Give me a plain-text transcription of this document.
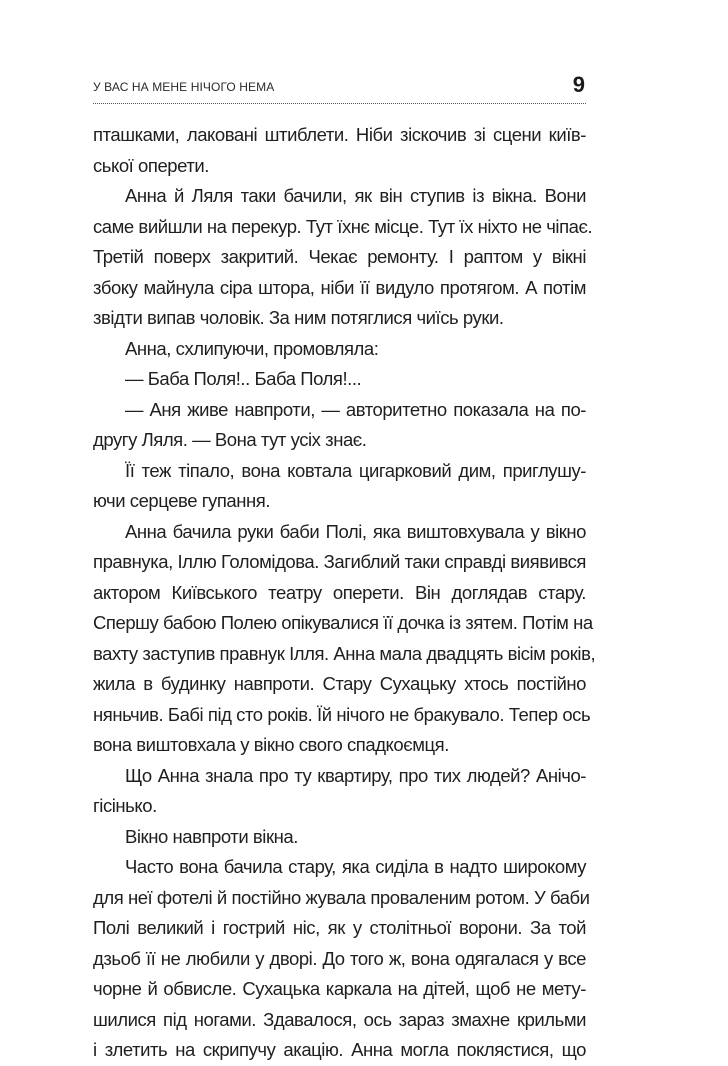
У ВАС НА МЕНЕ НІЧОГО НЕМА	9
пташками, лаковані штиблети. Ніби зіскочив зі сцени київ-
ської оперети.
Анна й Ляля таки бачили, як він ступив із вікна. Вони
саме вийшли на перекур. Тут їхнє місце. Тут їх ніхто не чіпає.
Третій поверх закритий. Чекає ремонту. І раптом у вікні
збоку майнула сіра штора, ніби її видуло протягом. А потім
звідти випав чоловік. За ним потяглися чиїсь руки.
Анна, схлипуючи, промовляла:
— Баба Поля!.. Баба Поля!...
— Аня живе навпроти, — авторитетно показала на по-
другу Ляля. — Вона тут усіх знає.
Її теж тіпало, вона ковтала цигарковий дим, приглушу-
ючи серцеве гупання.
Анна бачила руки баби Полі, яка виштовхувала у вікно
правнука, Іллю Голомідова. Загиблий таки справді виявився
актором Київського театру оперети. Він доглядав стару.
Спершу бабою Полею опікувалися її дочка із зятем. Потім на
вахту заступив правнук Ілля. Анна мала двадцять вісім років,
жила в будинку навпроти. Стару Сухацьку хтось постійно
няньчив. Бабі під сто років. Їй нічого не бракувало. Тепер ось
вона виштовхала у вікно свого спадкоємця.
Що Анна знала про ту квартиру, про тих людей? Анічо-
гісінько.
Вікно навпроти вікна.
Часто вона бачила стару, яка сиділа в надто широкому
для неї фотелі й постійно жувала проваленим ротом. У баби
Полі великий і гострий ніс, як у столітньої ворони. За той
дзьоб її не любили у дворі. До того ж, вона одягалася у все
чорне й обвисле. Сухацька каркала на дітей, щоб не мету-
шилися під ногами. Здавалося, ось зараз змахне крильми
і злетить на скрипучу акацію. Анна могла поклястися, що
